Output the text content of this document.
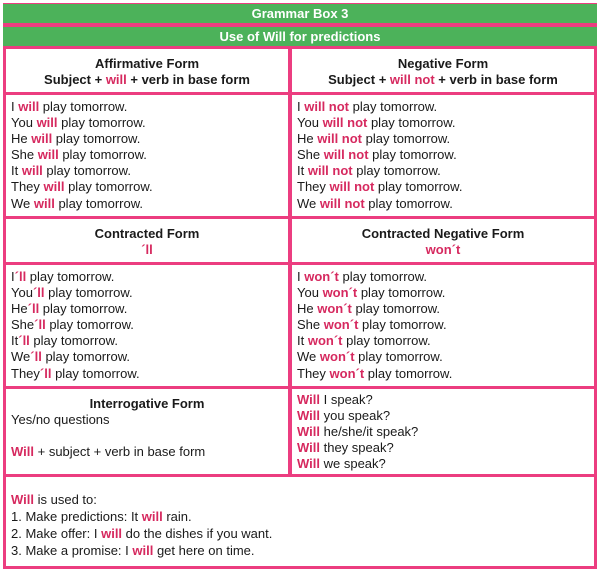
Grammar Box 3
Use of Will for predictions
Affirmative Form
Subject + will + verb in base form
Negative Form
Subject + will not + verb in base form
I will play tomorrow.
You will play tomorrow.
He will play tomorrow.
She will play tomorrow.
It will play tomorrow.
They will play tomorrow.
We will play tomorrow.
I will not play tomorrow.
You will not play tomorrow.
He will not play tomorrow.
She will not play tomorrow.
It will not play tomorrow.
They will not play tomorrow.
We will not play tomorrow.
Contracted Form
´ll
Contracted Negative Form
won´t
I´ll play tomorrow.
You´ll play tomorrow.
He´ll play tomorrow.
She´ll play tomorrow.
It´ll play tomorrow.
We´ll play tomorrow.
They´ll play tomorrow.
I won´t play tomorrow.
You won´t play tomorrow.
He won´t play tomorrow.
She won´t play tomorrow.
It won´t play tomorrow.
We won´t play tomorrow.
They won´t play tomorrow.
Interrogative Form
Yes/no questions
Will + subject + verb in base form
Will I speak?
Will you speak?
Will he/she/it speak?
Will they speak?
Will we speak?
Will is used to:
1. Make predictions: It will rain.
2. Make offer: I will do the dishes if you want.
3. Make a promise: I will get here on time.
